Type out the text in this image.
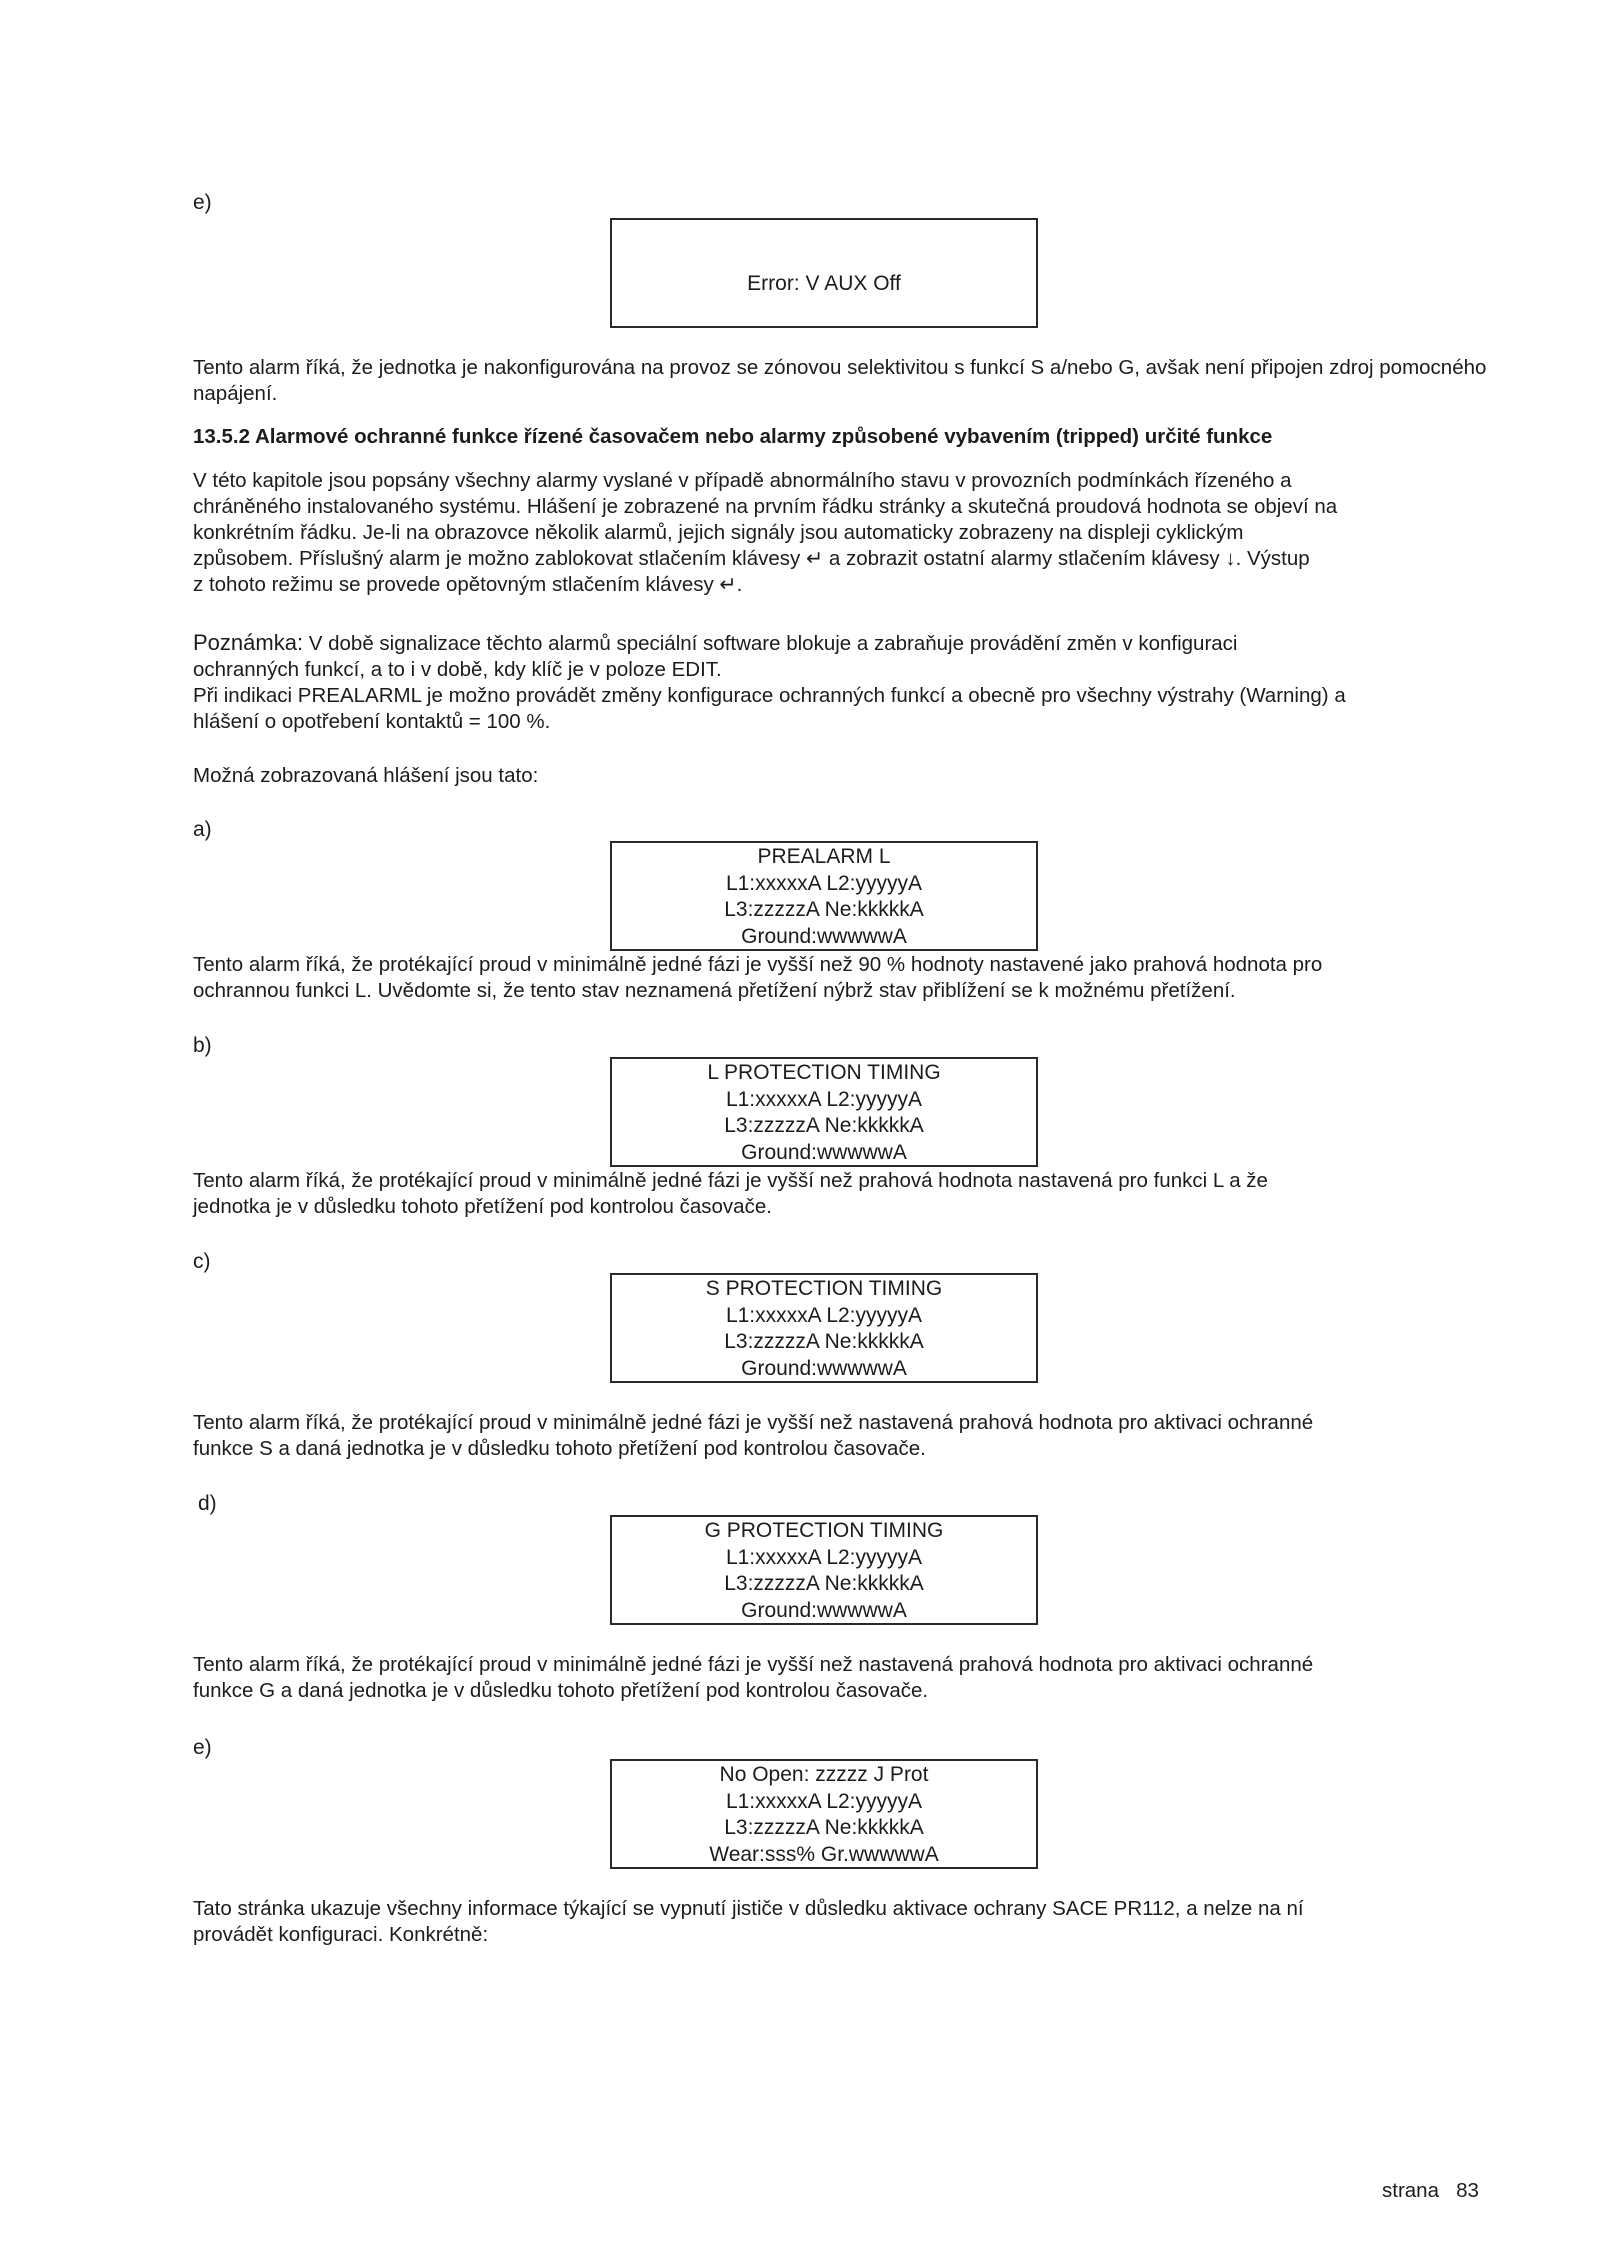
e)
Error: V AUX Off
Tento alarm říká, že jednotka je nakonfigurována na provoz se zónovou selektivitou s funkcí S a/nebo G, avšak není připojen zdroj pomocného napájení.
13.5.2 Alarmové ochranné funkce řízené časovačem nebo alarmy způsobené vybavením (tripped) určité funkce
V této kapitole jsou popsány všechny alarmy vyslané v případě abnormálního stavu v provozních podmínkách řízeného a
chráněného instalovaného systému. Hlášení je zobrazené na prvním řádku stránky a skutečná proudová hodnota se objeví na
konkrétním řádku. Je-li na obrazovce několik alarmů, jejich signály jsou automaticky zobrazeny na displeji cyklickým
způsobem. Příslušný alarm je možno zablokovat stlačením klávesy ↵ a zobrazit ostatní alarmy stlačením klávesy ↓. Výstup
z tohoto režimu se provede opětovným stlačením klávesy ↵.
Poznámka: V době signalizace těchto alarmů speciální software blokuje a zabraňuje provádění změn v konfiguraci
ochranných funkcí, a to i v době, kdy klíč je v poloze EDIT.
Při indikaci PREALARML je možno provádět změny konfigurace ochranných funkcí a obecně pro všechny výstrahy (Warning) a
hlášení o opotřebení kontaktů = 100 %.
Možná zobrazovaná hlášení jsou tato:
a)
PREALARM L
L1:xxxxxA L2:yyyyyA
L3:zzzzzA Ne:kkkkkA
Ground:wwwwwA
Tento alarm říká, že protékající proud v minimálně jedné fázi je vyšší než 90 % hodnoty nastavené jako prahová hodnota pro
ochrannou funkci L. Uvědomte si, že tento stav neznamená přetížení nýbrž stav přiblížení se k možnému přetížení.
b)
L PROTECTION TIMING
L1:xxxxxA L2:yyyyyA
L3:zzzzzA Ne:kkkkkA
Ground:wwwwwA
Tento alarm říká, že protékající proud v minimálně jedné fázi je vyšší než prahová hodnota nastavená pro funkci L a že
jednotka je v důsledku tohoto přetížení pod kontrolou časovače.
c)
S PROTECTION TIMING
L1:xxxxxA L2:yyyyyA
L3:zzzzzA Ne:kkkkkA
Ground:wwwwwA
Tento alarm říká, že protékající proud v minimálně jedné fázi je vyšší než nastavená prahová hodnota pro aktivaci ochranné
funkce S a daná jednotka je v důsledku tohoto přetížení pod kontrolou časovače.
d)
G PROTECTION TIMING
L1:xxxxxA L2:yyyyyA
L3:zzzzzA Ne:kkkkkA
Ground:wwwwwA
Tento alarm říká, že protékající proud v minimálně jedné fázi je vyšší než nastavená prahová hodnota pro aktivaci ochranné
funkce G a daná jednotka je v důsledku tohoto přetížení pod kontrolou časovače.
e)
No Open: zzzzz J Prot
L1:xxxxxA L2:yyyyyA
L3:zzzzzA Ne:kkkkkA
Wear:sss% Gr.wwwwwA
Tato stránka ukazuje všechny informace týkající se vypnutí jističe v důsledku aktivace ochrany SACE PR112, a nelze na ní
provádět konfiguraci. Konkrétně:
strana 83
